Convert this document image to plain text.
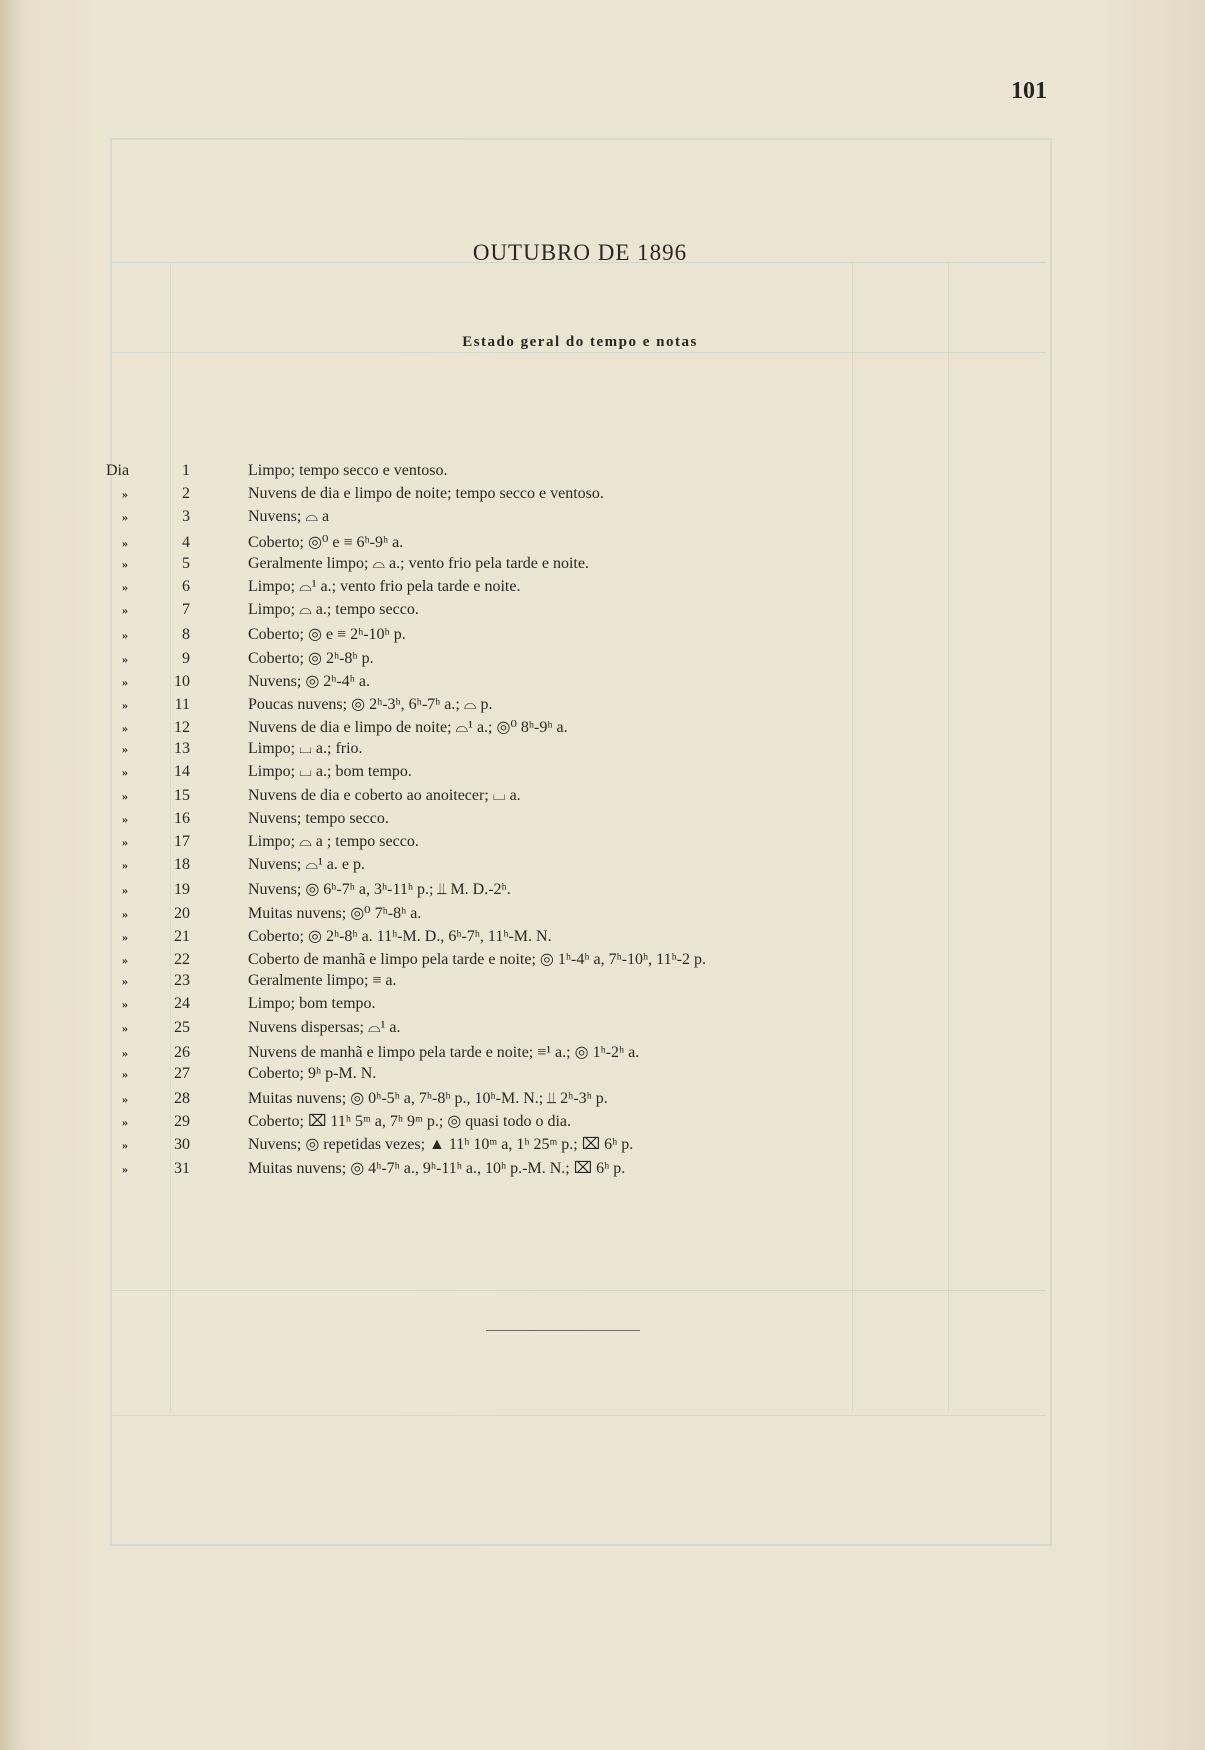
101
OUTUBRO DE 1896
Estado geral do tempo e notas
Dia	1	Limpo; tempo secco e ventoso.
»	2	Nuvens de dia e limpo de noite; tempo secco e ventoso.
»	3	Nuvens; ⌓ a
»	4	Coberto; ◎⁰ e ≡ 6ʰ-9ʰ a.
»	5	Geralmente limpo; ⌓ a.; vento frio pela tarde e noite.
»	6	Limpo; ⌓¹ a.; vento frio pela tarde e noite.
»	7	Limpo; ⌓ a.; tempo secco.
»	8	Coberto; ◎ e ≡ 2ʰ-10ʰ p.
»	9	Coberto; ◎ 2ʰ-8ʰ p.
»	10	Nuvens; ◎ 2ʰ-4ʰ a.
»	11	Poucas nuvens; ◎ 2ʰ-3ʰ, 6ʰ-7ʰ a.; ⌓ p.
»	12	Nuvens de dia e limpo de noite; ⌓¹ a.; ◎⁰ 8ʰ-9ʰ a.
»	13	Limpo; ⌴ a.; frio.
»	14	Limpo; ⌴ a.; bom tempo.
»	15	Nuvens de dia e coberto ao anoitecer; ⌴ a.
»	16	Nuvens; tempo secco.
»	17	Limpo; ⌓ a ; tempo secco.
»	18	Nuvens; ⌓¹ a. e p.
»	19	Nuvens; ◎ 6ʰ-7ʰ a, 3ʰ-11ʰ p.; ⫫ M. D.-2ʰ.
»	20	Muitas nuvens; ◎⁰ 7ʰ-8ʰ a.
»	21	Coberto; ◎ 2ʰ-8ʰ a. 11ʰ-M. D., 6ʰ-7ʰ, 11ʰ-M. N.
»	22	Coberto de manhã e limpo pela tarde e noite; ◎ 1ʰ-4ʰ a, 7ʰ-10ʰ, 11ʰ-2 p.
»	23	Geralmente limpo; ≡ a.
»	24	Limpo; bom tempo.
»	25	Nuvens dispersas; ⌓¹ a.
»	26	Nuvens de manhã e limpo pela tarde e noite; ≡¹ a.; ◎ 1ʰ-2ʰ a.
»	27	Coberto; 9ʰ p-M. N.
»	28	Muitas nuvens; ◎ 0ʰ-5ʰ a, 7ʰ-8ʰ p., 10ʰ-M. N.; ⫫ 2ʰ-3ʰ p.
»	29	Coberto; ⌧ 11ʰ 5ᵐ a, 7ʰ 9ᵐ p.; ◎ quasi todo o dia.
»	30	Nuvens; ◎ repetidas vezes; ▲ 11ʰ 10ᵐ a, 1ʰ 25ᵐ p.; ⌧ 6ʰ p.
»	31	Muitas nuvens; ◎ 4ʰ-7ʰ a., 9ʰ-11ʰ a., 10ʰ p.-M. N.; ⌧ 6ʰ p.
